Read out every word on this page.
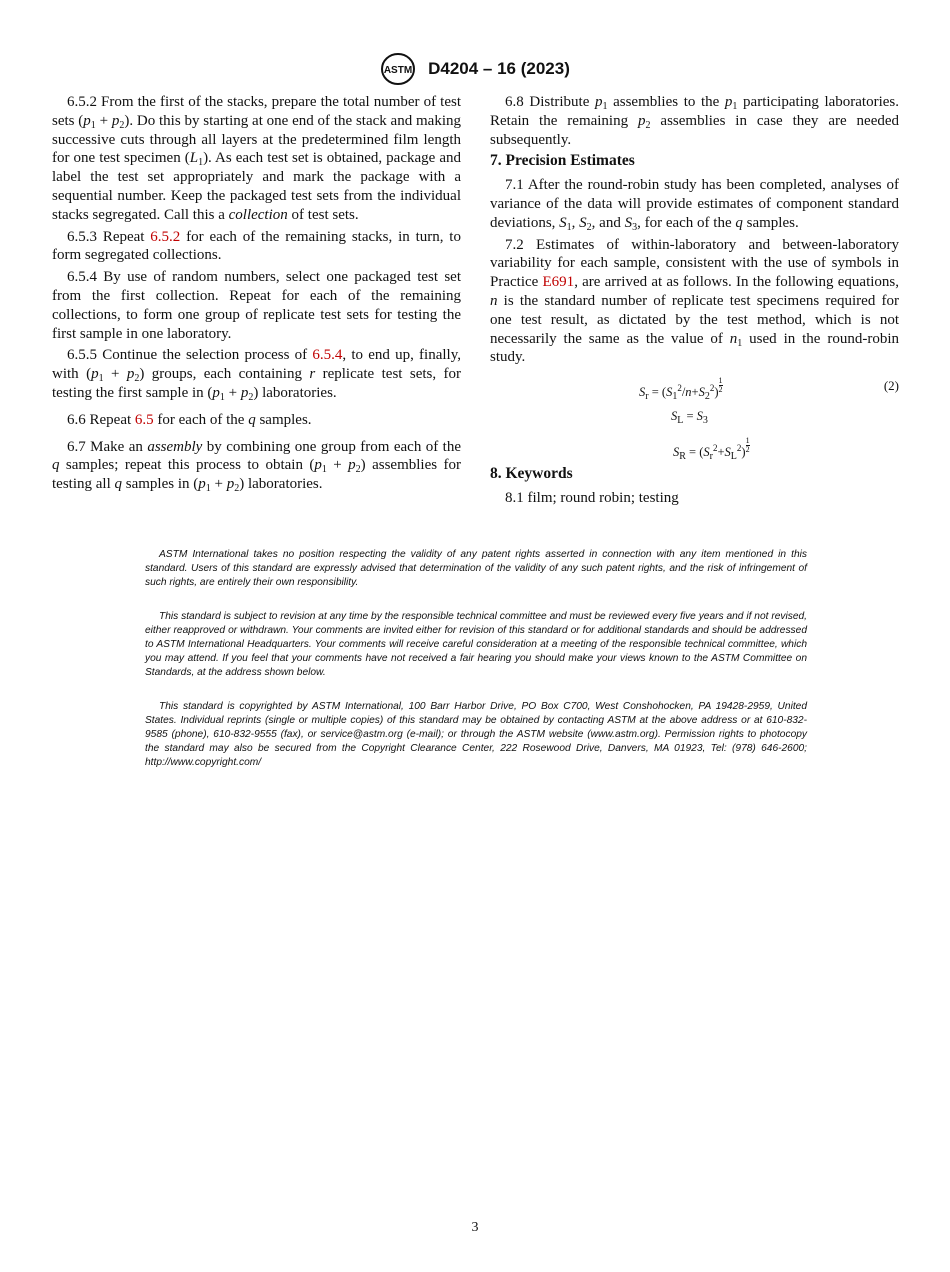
ASTM D4204 – 16 (2023)

6.5.2 From the first of the stacks, prepare the total number of test sets $(p_1 + p_2)$. Do this by starting at one end of the stack and making successive cuts through all layers at the predetermined film length for one test specimen $(L_1)$. As each test set is obtained, package and label the test set appropriately and mark the package with a sequential number. Keep the packaged test sets from the individual stacks segregated. Call this a collection of test sets.

6.5.3 Repeat 6.5.2 for each of the remaining stacks, in turn, to form segregated collections.

6.5.4 By use of random numbers, select one packaged test set from the first collection. Repeat for each of the remaining collections, to form one group of replicate test sets for testing the first sample in one laboratory.

6.5.5 Continue the selection process of 6.5.4, to end up, finally, with $(p_1 + p_2)$ groups, each containing r replicate test sets, for testing the first sample in $(p_1 + p_2)$ laboratories.

6.6 Repeat 6.5 for each of the q samples.

6.7 Make an assembly by combining one group from each of the q samples; repeat this process to obtain $(p_1 + p_2)$ assemblies for testing all q samples in $(p_1 + p_2)$ laboratories.

6.8 Distribute $p_1$ assemblies to the $p_1$ participating laboratories. Retain the remaining $p_2$ assemblies in case they are needed subsequently.

7. Precision Estimates

7.1 After the round-robin study has been completed, analyses of variance of the data will provide estimates of component standard deviations, $S_1$, $S_2$, and $S_3$, for each of the q samples.

7.2 Estimates of within-laboratory and between-laboratory variability for each sample, consistent with the use of symbols in Practice E691, are arrived at as follows. In the following equations, n is the standard number of replicate test specimens required for one test result, as dictated by the test method, which is not necessarily the same as the value of $n_1$ used in the round-robin study.

$S_r = (S_1^2/n+S_2^2) \frac{1}{2}$	(2)
$S_L = S_3$
$S_R = (S_r^2+S_L^2) \frac{1}{2}$
8. Keywords

8.1 film; round robin; testing

ASTM International takes no position respecting the validity of any patent rights asserted in connection with any item mentioned in this standard. Users of this standard are expressly advised that determination of the validity of any such patent rights, and the risk of infringement of such rights, are entirely their own responsibility.

This standard is subject to revision at any time by the responsible technical committee and must be reviewed every five years and if not revised, either reapproved or withdrawn. Your comments are invited either for revision of this standard or for additional standards and should be addressed to ASTM International Headquarters. Your comments will receive careful consideration at a meeting of the responsible technical committee, which you may attend. If you feel that your comments have not received a fair hearing you should make your views known to the ASTM Committee on Standards, at the address shown below.

This standard is copyrighted by ASTM International, 100 Barr Harbor Drive, PO Box C700, West Conshohocken, PA 19428-2959, United States. Individual reprints (single or multiple copies) of this standard may be obtained by contacting ASTM at the above address or at 610-832-9585 (phone), 610-832-9555 (fax), or service@astm.org (e-mail); or through the ASTM website (www.astm.org). Permission rights to photocopy the standard may also be secured from the Copyright Clearance Center, 222 Rosewood Drive, Danvers, MA 01923, Tel: (978) 646-2600; http://www.copyright.com/

3
